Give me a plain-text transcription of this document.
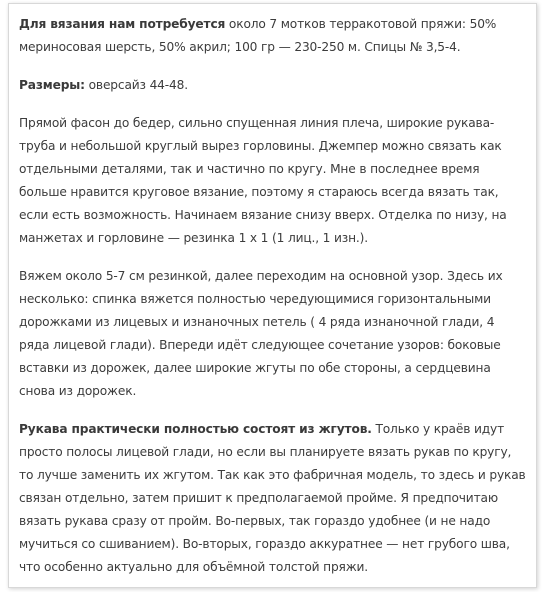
Для вязания нам потребуется около 7 мотков терракотовой пряжи: 50% мериносовая шерсть, 50% акрил; 100 гр — 230-250 м. Спицы № 3,5-4.

Размеры: оверсайз 44-48.

Прямой фасон до бедер, сильно спущенная линия плеча, широкие рукава-труба и небольшой круглый вырез горловины. Джемпер можно связать как отдельными деталями, так и частично по кругу. Мне в последнее время больше нравится круговое вязание, поэтому я стараюсь всегда вязать так, если есть возможность. Начинаем вязание снизу вверх. Отделка по низу, на манжетах и горловине — резинка 1 х 1 (1 лиц., 1 изн.).

Вяжем около 5-7 см резинкой, далее переходим на основной узор. Здесь их несколько: спинка вяжется полностью чередующимися горизонтальными дорожками из лицевых и изнаночных петель ( 4 ряда изнаночной глади, 4 ряда лицевой глади). Впереди идёт следующее сочетание узоров: боковые вставки из дорожек, далее широкие жгуты по обе стороны, а сердцевина снова из дорожек.

Рукава практически полностью состоят из жгутов. Только у краёв идут просто полосы лицевой глади, но если вы планируете вязать рукав по кругу, то лучше заменить их жгутом. Так как это фабричная модель, то здесь и рукав связан отдельно, затем пришит к предполагаемой пройме. Я предпочитаю вязать рукава сразу от пройм. Во-первых, так гораздо удобнее (и не надо мучиться со сшиванием). Во-вторых, гораздо аккуратнее — нет грубого шва, что особенно актуально для объёмной толстой пряжи.
